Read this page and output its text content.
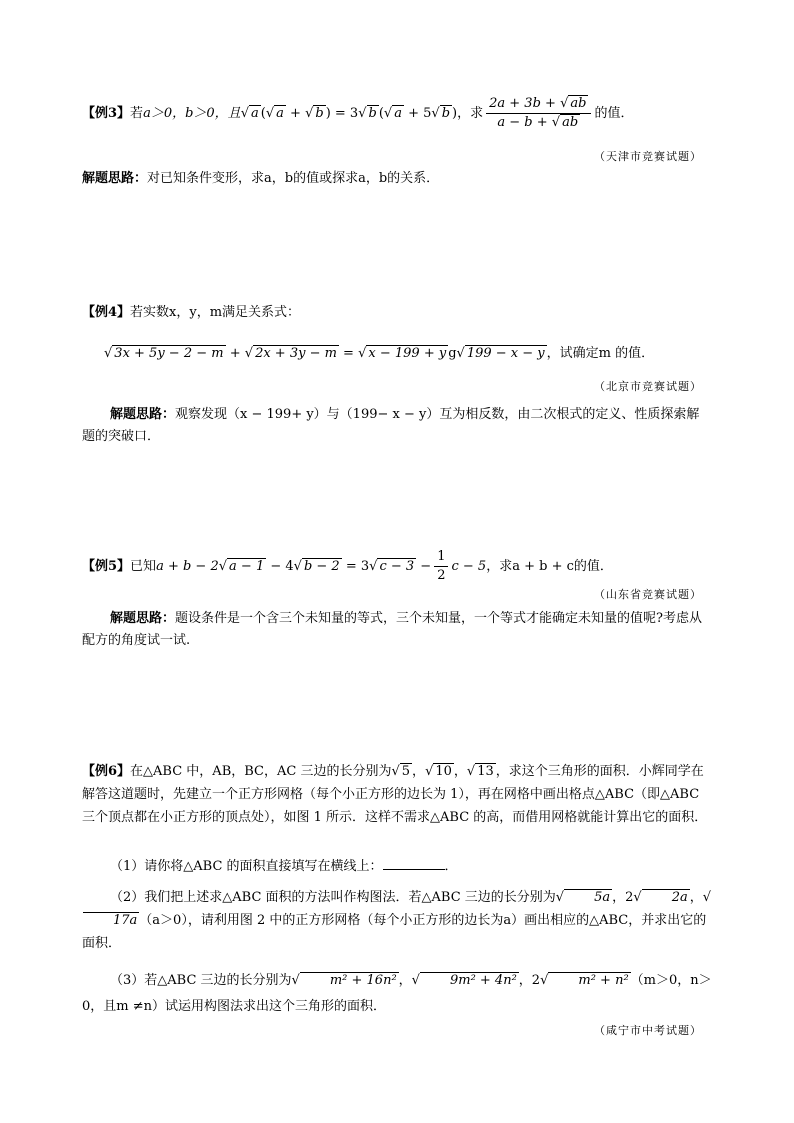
【例3】若a＞0，b＞0，且√ a (√ a + √ b ) = 3√ b (√ a + 5√ b )，求 $\frac{2a + 3b + √ ab}{a - b + √ ab}$ 的值．
（天津市竞赛试题）
解题思路：对已知条件变形，求a，b的值或探求a，b的关系．
【例4】若实数x，y，m满足关系式：
√ 3x + 5y − 2 − m + √ 2x + 3y − m = √ x − 199 + y g√ 199 − x − y ，试确定m 的值．
（北京市竞赛试题）
解题思路：观察发现（x − 199+ y）与（199− x − y）互为相反数，由二次根式的定义、性质探索解题的突破口．
【例5】已知a + b − 2√ a − 1 − 4√ b − 2 = 3√ $c - 3 - \frac{1}{2}$ c − 5，求a + b + c的值．
（山东省竞赛试题）
解题思路：题设条件是一个含三个未知量的等式，三个未知量，一个等式才能确定未知量的值呢?考虑从配方的角度试一试.
【例6】在△ABC 中，AB，BC，AC 三边的长分别为√ 5 ，√ 10 ，√ 13 ，求这个三角形的面积．小辉同学在解答这道题时，先建立一个正方形网格（每个小正方形的边长为 1），再在网格中画出格点△ABC（即△ABC 三个顶点都在小正方形的顶点处），如图 1 所示．这样不需求△ABC 的高，而借用网格就能计算出它的面积．
（1）请你将△ABC 的面积直接填写在横线上：	．
（2）我们把上述求△ABC 面积的方法叫作构图法．若△ABC 三边的长分别为√ 5a ，2√ 2a ，√17a （a＞0），请利用图 2 中的正方形网格（每个小正方形的边长为a）画出相应的△ABC，并求出它的面积．
（3）若△ABC 三边的长分别为√ m² + 16n² ，√ 9m² + 4n² ，2√ m² + n² （m＞0，n＞0，且m ≠n）试运用构图法求出这个三角形的面积．
（咸宁市中考试题）
